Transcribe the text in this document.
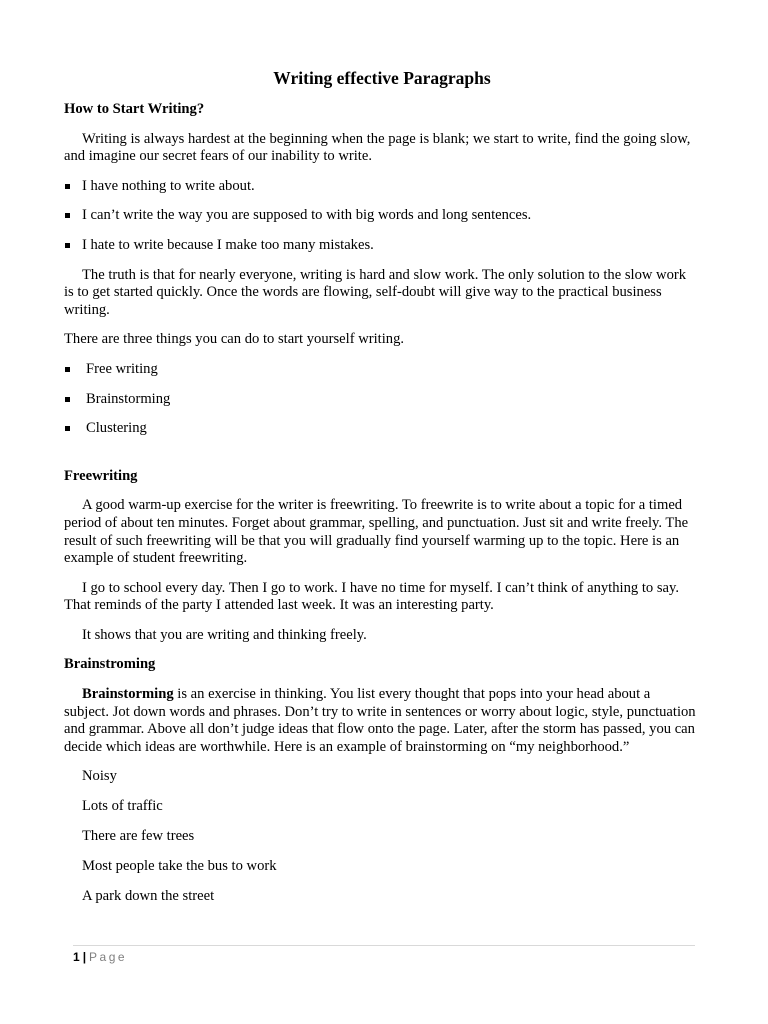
Writing effective Paragraphs
How to Start Writing?

Writing is always hardest at the beginning when the page is blank; we start to write, find the going slow, and imagine our secret fears of our inability to write.

I have nothing to write about.
I can’t write the way you are supposed to with big words and long sentences.
I hate to write because I make too many mistakes.

The truth is that for nearly everyone, writing is hard and slow work. The only solution to the slow work is to get started quickly. Once the words are flowing, self-doubt will give way to the practical business writing.

There are three things you can do to start yourself writing.

Free writing
Brainstorming
Clustering
Freewriting

A good warm-up exercise for the writer is freewriting. To freewrite is to write about a topic for a timed period of about ten minutes. Forget about grammar, spelling, and punctuation. Just sit and write freely. The result of such freewriting will be that you will gradually find yourself warming up to the topic. Here is an example of student freewriting.

I go to school every day. Then I go to work. I have no time for myself. I can’t think of anything to say. That reminds of the party I attended last week. It was an interesting party.

It shows that you are writing and thinking freely.

Brainstroming

Brainstorming is an exercise in thinking. You list every thought that pops into your head about a subject. Jot down words and phrases. Don’t try to write in sentences or worry about logic, style, punctuation and grammar. Above all don’t judge ideas that flow onto the page. Later, after the storm has passed, you can decide which ideas are worthwhile. Here is an example of brainstorming on “my neighborhood.”

Noisy
Lots of traffic
There are few trees
Most people take the bus to work
A park down the street
1 | Page
